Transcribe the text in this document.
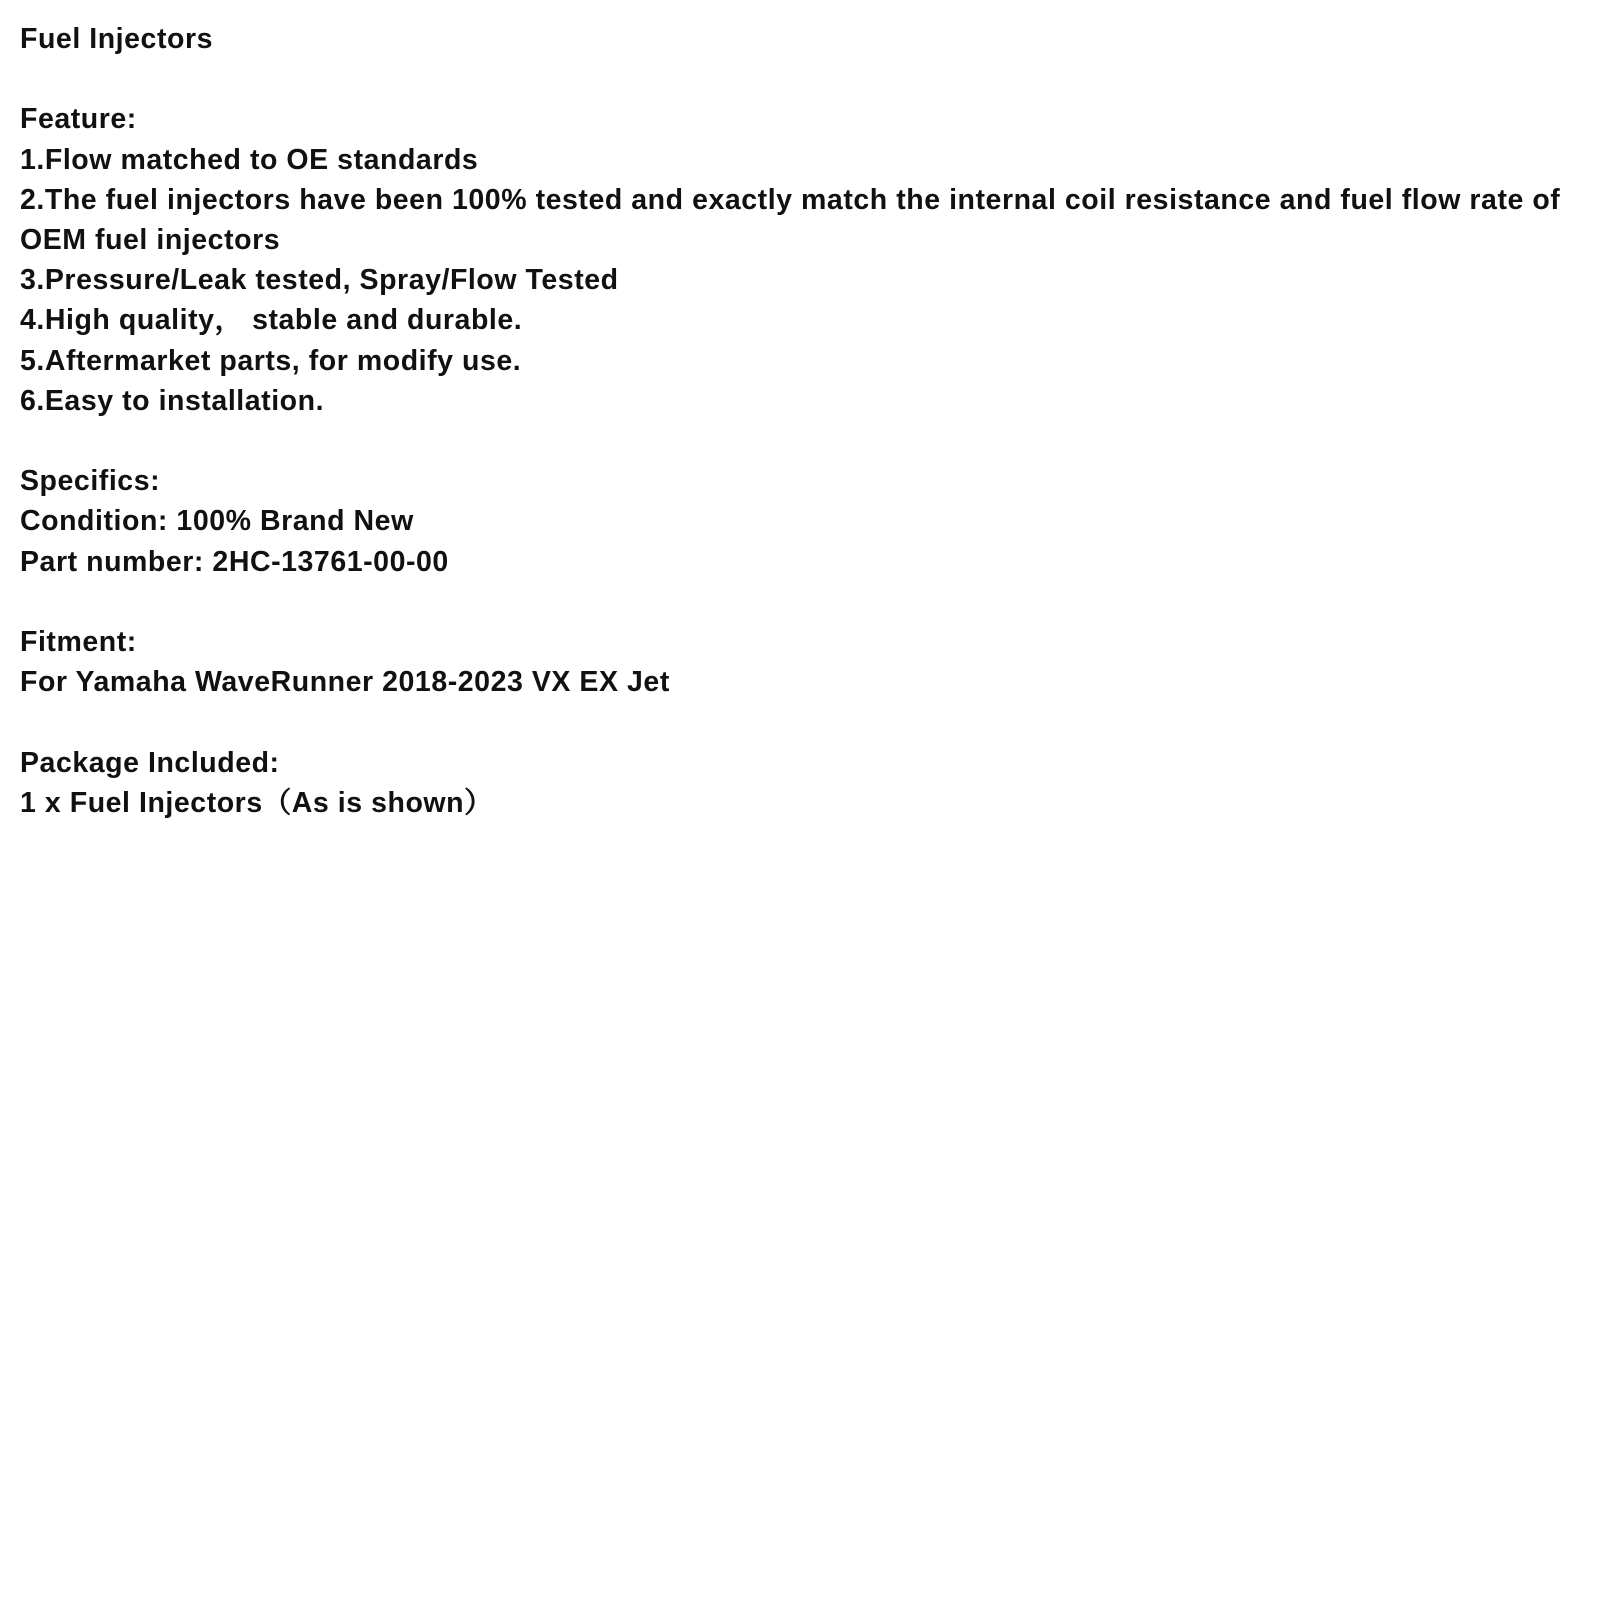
Fuel Injectors
Feature:
1.Flow matched to OE standards
2.The fuel injectors have been 100% tested and exactly match the internal coil resistance and fuel flow rate of OEM fuel injectors
3.Pressure/Leak tested, Spray/Flow Tested
4.High quality， stable and durable.
5.Aftermarket parts, for modify use.
6.Easy to installation.
Specifics:
Condition: 100% Brand New
Part number: 2HC-13761-00-00
Fitment:
For Yamaha WaveRunner 2018-2023 VX EX Jet
Package Included:
1 x Fuel Injectors（As is shown）
